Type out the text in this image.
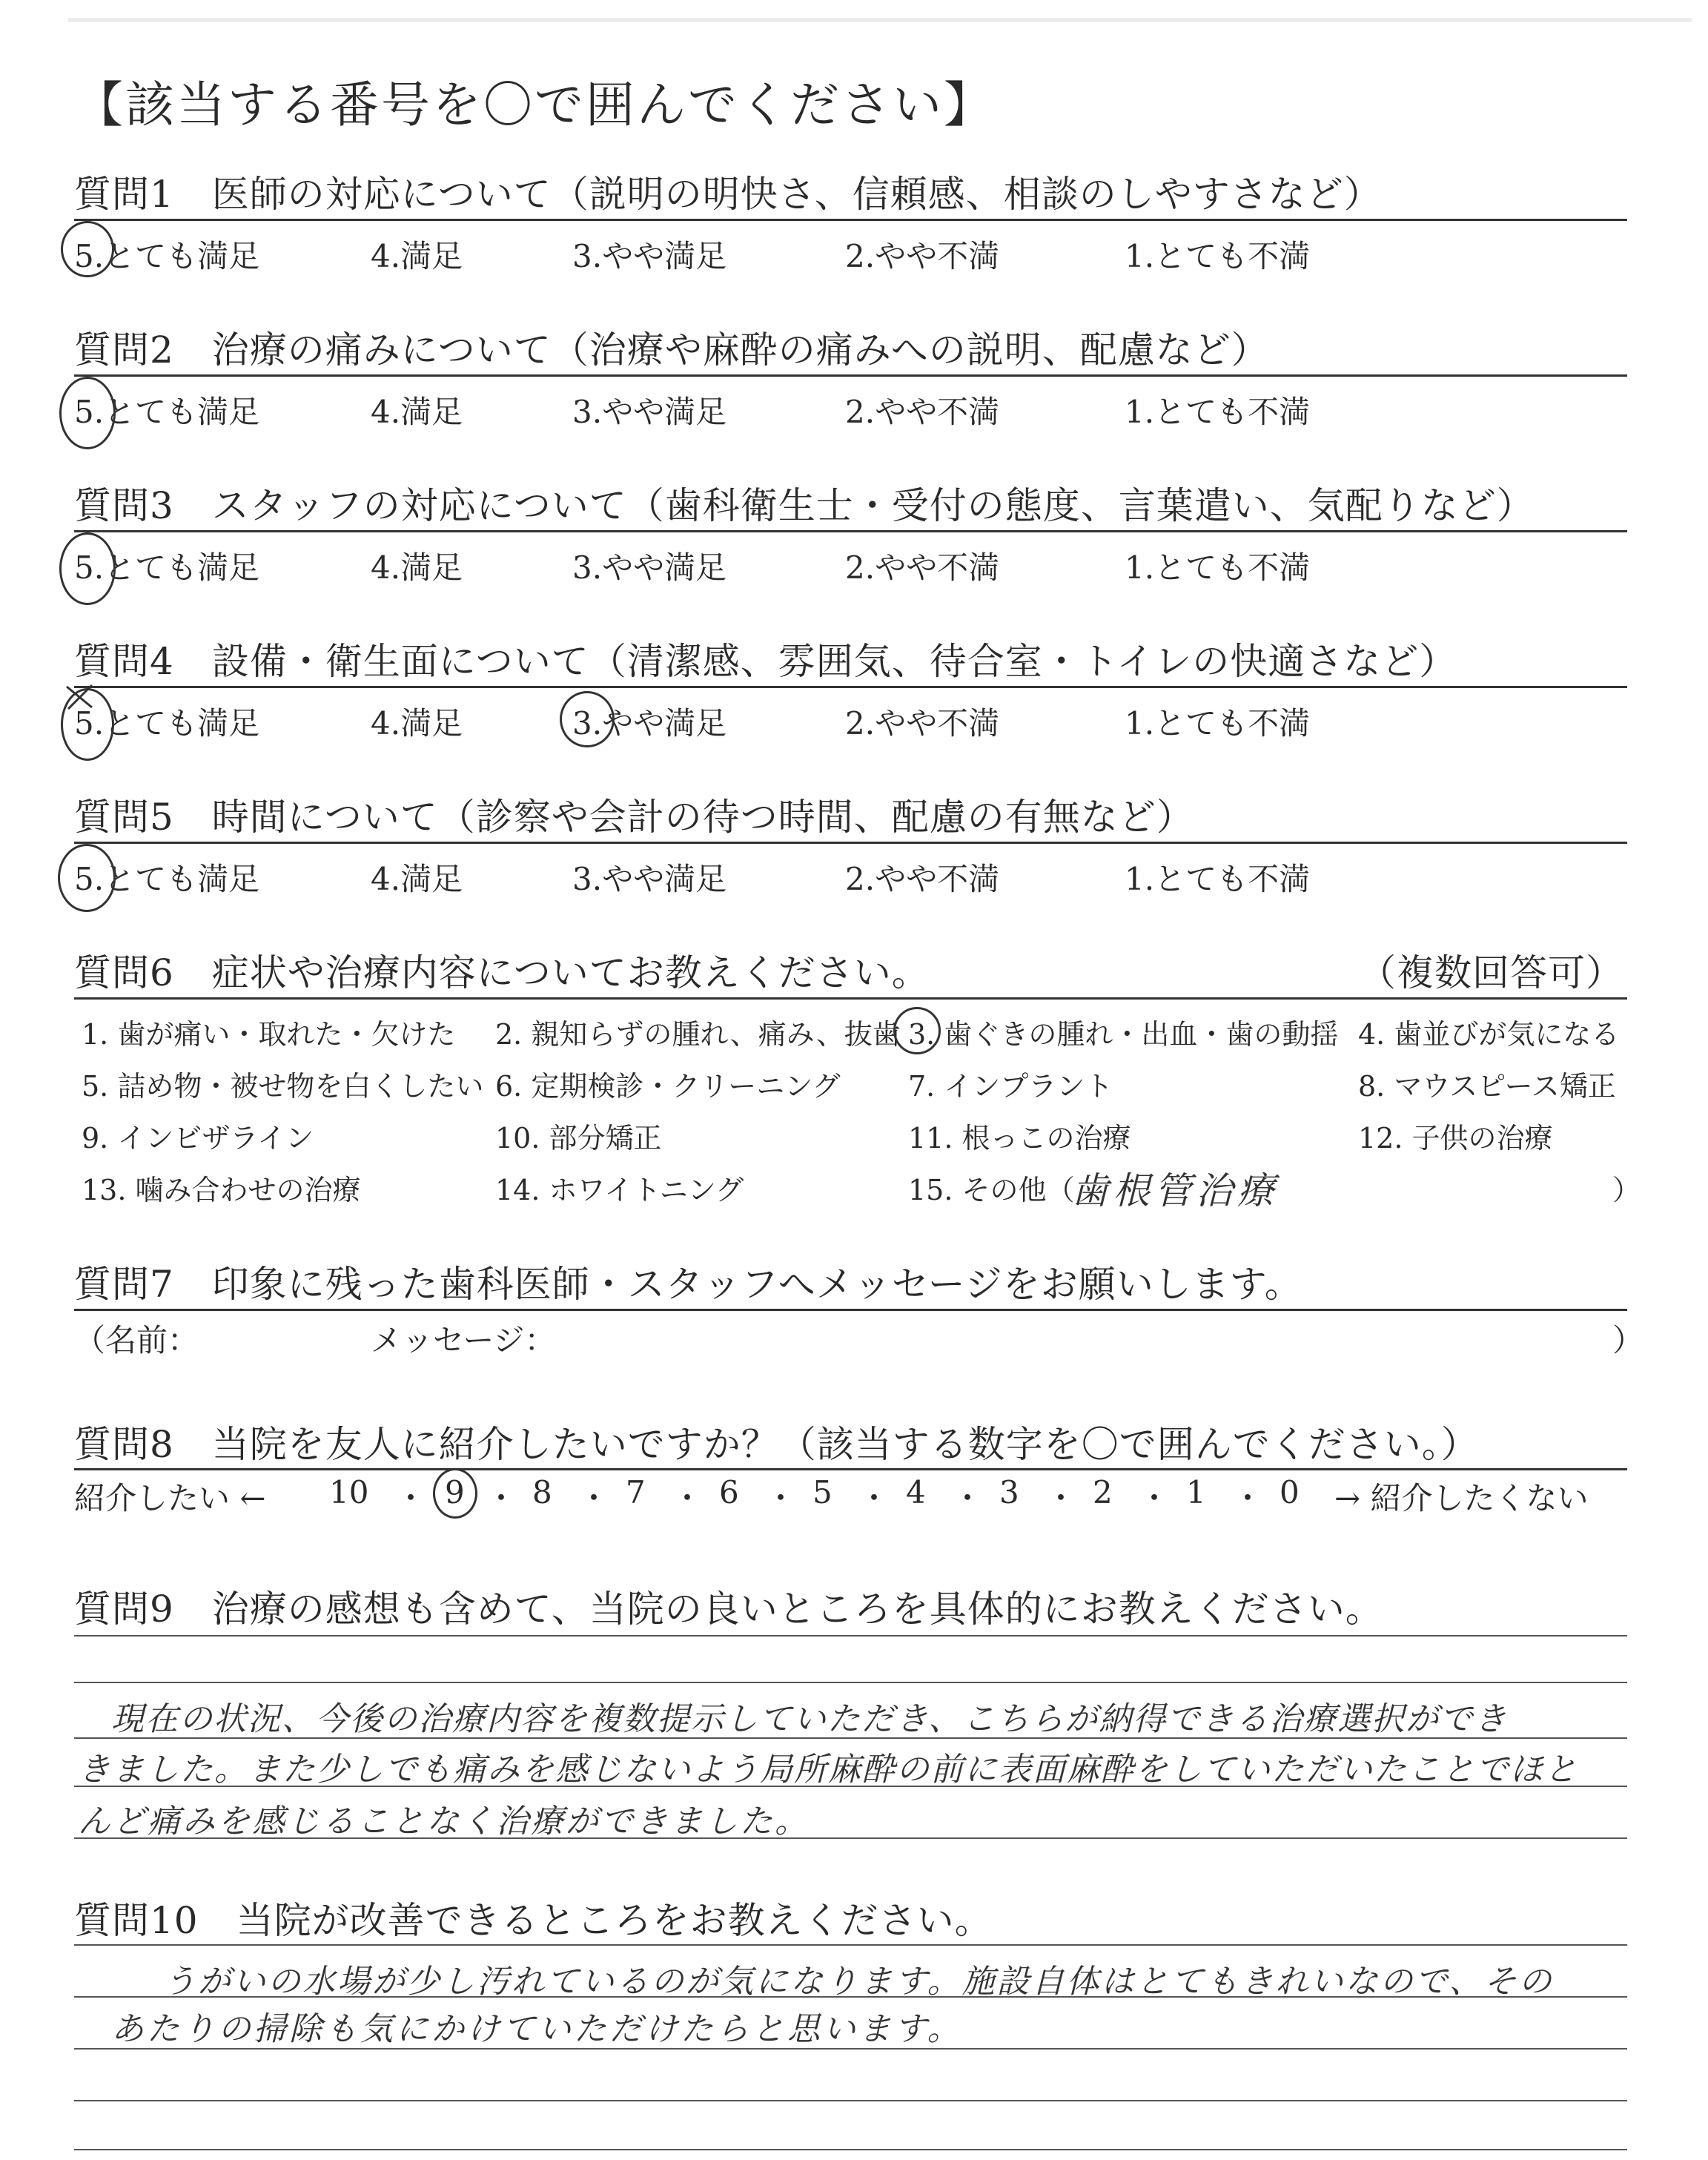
【該当する番号を〇で囲んでください】
質問1　医師の対応について（説明の明快さ、信頼感、相談のしやすさなど）
5.とても満足	4.満足	3.やや満足	2.やや不満	1.とても不満
質問2　治療の痛みについて（治療や麻酔の痛みへの説明、配慮など）
5.とても満足	4.満足	3.やや満足	2.やや不満	1.とても不満
質問3　スタッフの対応について（歯科衛生士・受付の態度、言葉遣い、気配りなど）
5.とても満足	4.満足	3.やや満足	2.やや不満	1.とても不満
質問4　設備・衛生面について（清潔感、雰囲気、待合室・トイレの快適さなど）
5.とても満足	4.満足	3.やや満足	2.やや不満	1.とても不満
質問5　時間について（診察や会計の待つ時間、配慮の有無など）
5.とても満足	4.満足	3.やや満足	2.やや不満	1.とても不満
質問6　症状や治療内容についてお教えください。	（複数回答可）
1. 歯が痛い・取れた・欠けた 2. 親知らずの腫れ、痛み、抜歯 3. 歯ぐきの腫れ・出血・歯の動揺 4. 歯並びが気になる
5. 詰め物・被せ物を白くしたい 6. 定期検診・クリーニング 7. インプラント	8. マウスピース矯正
9. インビザライン	10. 部分矯正	11. 根っこの治療	12. 子供の治療
13. 噛み合わせの治療	14. ホワイトニング	15. その他（
歯根管治療	）
質問7　印象に残った歯科医師・スタッフへメッセージをお願いします。
（名前：	メッセージ：	）
質問8　当院を友人に紹介したいですか？（該当する数字を〇で囲んでください。）
紹介したい ← 10 ・ 9 ・ 8 ・ 7 ・ 6 ・ 5 ・ 4 ・ 3 ・ 2 ・ 1 ・ 0 → 紹介したくない
質問9　治療の感想も含めて、当院の良いところを具体的にお教えください。
現在の状況、今後の治療内容を複数提示していただき、こちらが納得できる治療選択ができ
きました。また少しでも痛みを感じないよう局所麻酔の前に表面麻酔をしていただいたことでほと
んど痛みを感じることなく治療ができました。
質問10　当院が改善できるところをお教えください。
うがいの水場が少し汚れているのが気になります。施設自体はとてもきれいなので、その
あたりの掃除も気にかけていただけたらと思います。
